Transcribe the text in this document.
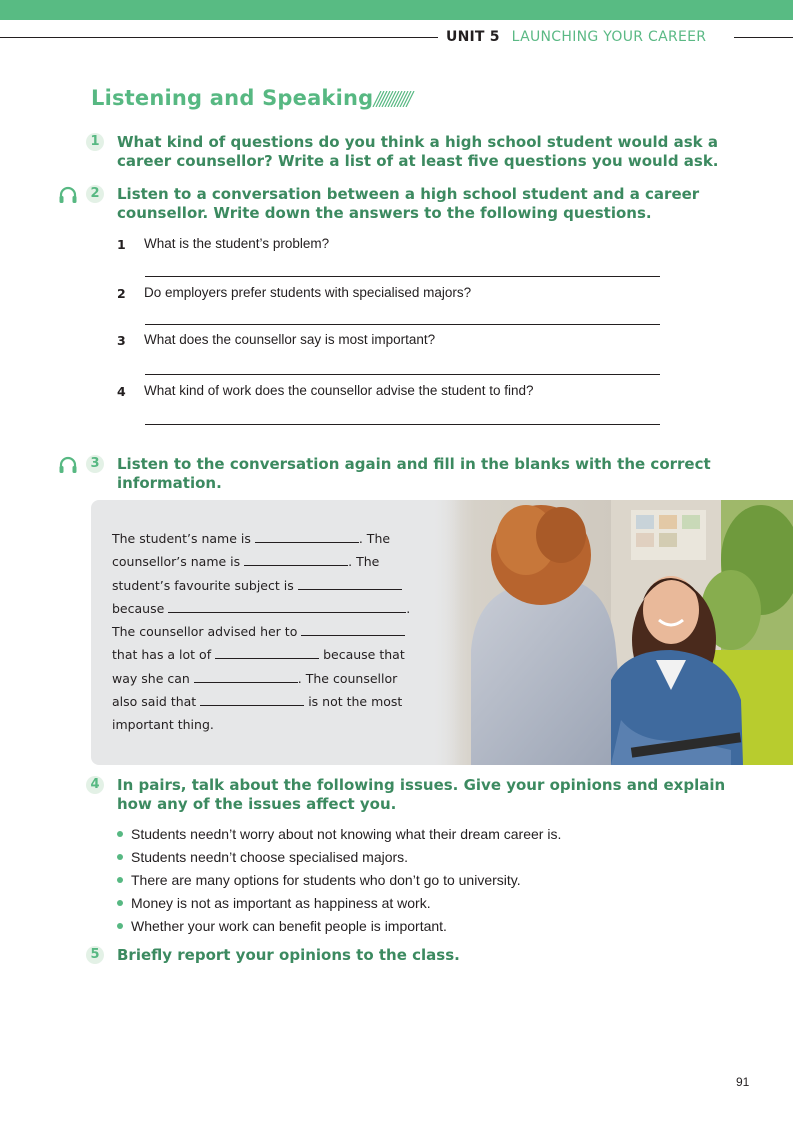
UNIT 5 LAUNCHING YOUR CAREER
Listening and Speaking
1 What kind of questions do you think a high school student would ask a career counsellor? Write a list of at least five questions you would ask.
2 Listen to a conversation between a high school student and a career counsellor. Write down the answers to the following questions.
1 What is the student’s problem?
2 Do employers prefer students with specialised majors?
3 What does the counsellor say is most important?
4 What kind of work does the counsellor advise the student to find?
3 Listen to the conversation again and fill in the blanks with the correct information.
The student’s name is	. The
counsellor’s name is	. The
student’s favourite subject is
because	.
The counsellor advised her to
that has a lot of	because that
way she can	. The counsellor
also said that	is not the most
important thing.
4 In pairs, talk about the following issues. Give your opinions and explain how any of the issues affect you.
Students needn’t worry about not knowing what their dream career is.
Students needn’t choose specialised majors.
There are many options for students who don’t go to university.
Money is not as important as happiness at work.
Whether your work can benefit people is important.
5 Briefly report your opinions to the class.
91
